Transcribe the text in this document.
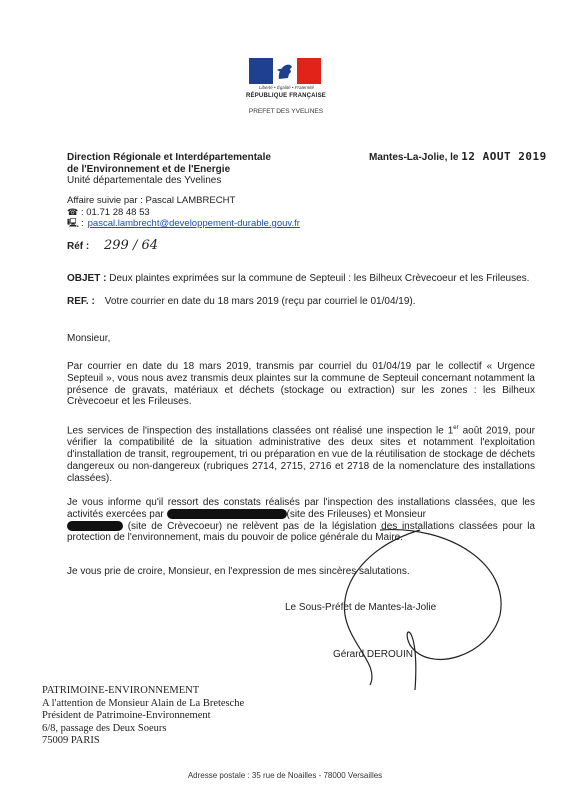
Liberté • Égalité • Fraternité
RÉPUBLIQUE FRANÇAISE
PREFET DES YVELINES
Direction Régionale et Interdépartementale
de l'Environnement et de l'Energie
Unité départementale des Yvelines
Mantes-La-Jolie, le 12 AOUT 2019
Affaire suivie par : Pascal LAMBRECHT
☎ : 01.71 28 48 53
🖳 : pascal.lambrecht@developpement-durable.gouv.fr
Réf : 299 / 64
OBJET : Deux plaintes exprimées sur la commune de Septeuil : les Bilheux Crèvecoeur et les Frileuses.
REF. : Votre courrier en date du 18 mars 2019 (reçu par courriel le 01/04/19).
Monsieur,
Par courrier en date du 18 mars 2019, transmis par courriel du 01/04/19 par le collectif « Urgence Septeuil », vous nous avez transmis deux plaintes sur la commune de Septeuil concernant notamment la présence de gravats, matériaux et déchets (stockage ou extraction) sur les zones : les Bilheux Crèvecoeur et les Frileuses.
Les services de l'inspection des installations classées ont réalisé une inspection le 1er août 2019, pour vérifier la compatibilité de la situation administrative des deux sites et notamment l'exploitation d'installation de transit, regroupement, tri ou préparation en vue de la réutilisation de stockage de déchets dangereux ou non-dangereux (rubriques 2714, 2715, 2716 et 2718 de la nomenclature des installations classées).
Je vous informe qu'il ressort des constats réalisés par l'inspection des installations classées, que les activités exercées par	(site des Frileuses) et Monsieur
(site de Crèvecoeur) ne relèvent pas de la législation des installations classées pour la protection de l'environnement, mais du pouvoir de police générale du Maire.
Je vous prie de croire, Monsieur, en l'expression de mes sincères salutations.
Le Sous-Préfet de Mantes-la-Jolie
Gérard DEROUIN
PATRIMOINE-ENVIRONNEMENT
A l'attention de Monsieur Alain de La Bretesche
Président de Patrimoine-Environnement
6/8, passage des Deux Soeurs
75009 PARIS
Adresse postale : 35 rue de Noailles - 78000 Versailles
